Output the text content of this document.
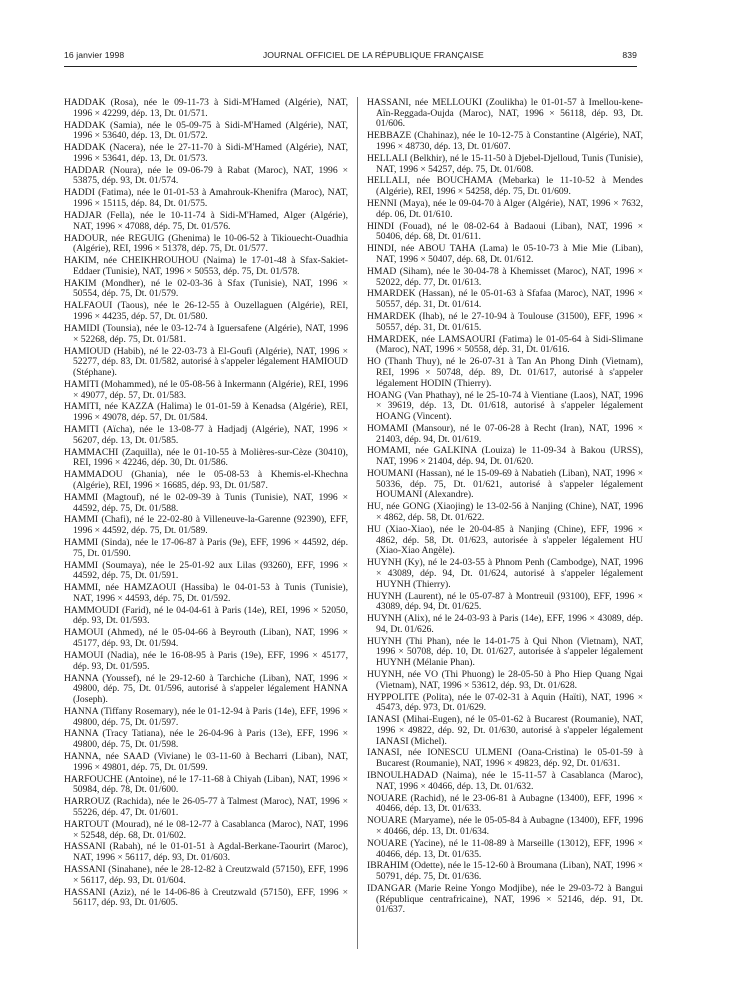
16 janvier 1998	JOURNAL OFFICIEL DE LA RÉPUBLIQUE FRANÇAISE	839

HADDAK (Rosa), née le 09-11-73 à Sidi-M'Hamed (Algérie), NAT, 1996 × 42299, dép. 13, Dt. 01/571.

HADDAK (Samia), née le 05-09-75 à Sidi-M'Hamed (Algérie), NAT, 1996 × 53640, dép. 13, Dt. 01/572.

HADDAK (Nacera), née le 27-11-70 à Sidi-M'Hamed (Algérie), NAT, 1996 × 53641, dép. 13, Dt. 01/573.

HADDAR (Noura), née le 09-06-79 à Rabat (Maroc), NAT, 1996 × 53875, dép. 93, Dt. 01/574.

HADDI (Fatima), née le 01-01-53 à Amahrouk-Khenifra (Maroc), NAT, 1996 × 15115, dép. 84, Dt. 01/575.

HADJAR (Fella), née le 10-11-74 à Sidi-M'Hamed, Alger (Algérie), NAT, 1996 × 47088, dép. 75, Dt. 01/576.

HADOUR, née REGUIG (Ghenima) le 10-06-52 à Tikiouecht-Ouadhia (Algérie), REI, 1996 × 51378, dép. 75, Dt. 01/577.

HAKIM, née CHEIKHROUHOU (Naima) le 17-01-48 à Sfax-Sakiet-Eddaer (Tunisie), NAT, 1996 × 50553, dép. 75, Dt. 01/578.

HAKIM (Mondher), né le 02-03-36 à Sfax (Tunisie), NAT, 1996 × 50554, dép. 75, Dt. 01/579.

HALFAOUI (Taous), née le 26-12-55 à Ouzellaguen (Algérie), REI, 1996 × 44235, dép. 57, Dt. 01/580.

HAMIDI (Tounsia), née le 03-12-74 à Iguersafene (Algérie), NAT, 1996 × 52268, dép. 75, Dt. 01/581.

HAMIOUD (Habib), né le 22-03-73 à El-Goufi (Algérie), NAT, 1996 × 52277, dép. 83, Dt. 01/582, autorisé à s'appeler légalement HAMIOUD (Stéphane).

HAMITI (Mohammed), né le 05-08-56 à Inkermann (Algérie), REI, 1996 × 49077, dép. 57, Dt. 01/583.

HAMITI, née KAZZA (Halima) le 01-01-59 à Kenadsa (Algérie), REI, 1996 × 49078, dép. 57, Dt. 01/584.

HAMITI (Aïcha), née le 13-08-77 à Hadjadj (Algérie), NAT, 1996 × 56207, dép. 13, Dt. 01/585.

HAMMACHI (Zaquilla), née le 01-10-55 à Molières-sur-Cèze (30410), REI, 1996 × 42246, dép. 30, Dt. 01/586.

HAMMADOU (Ghania), née le 05-08-53 à Khemis-el-Khechna (Algérie), REI, 1996 × 16685, dép. 93, Dt. 01/587.

HAMMI (Magtouf), né le 02-09-39 à Tunis (Tunisie), NAT, 1996 × 44592, dép. 75, Dt. 01/588.

HAMMI (Chafi), né le 22-02-80 à Villeneuve-la-Garenne (92390), EFF, 1996 × 44592, dép. 75, Dt. 01/589.

HAMMI (Sinda), née le 17-06-87 à Paris (9e), EFF, 1996 × 44592, dép. 75, Dt. 01/590.

HAMMI (Soumaya), née le 25-01-92 aux Lilas (93260), EFF, 1996 × 44592, dép. 75, Dt. 01/591.

HAMMI, née HAMZAOUI (Hassiba) le 04-01-53 à Tunis (Tunisie), NAT, 1996 × 44593, dép. 75, Dt. 01/592.

HAMMOUDI (Farid), né le 04-04-61 à Paris (14e), REI, 1996 × 52050, dép. 93, Dt. 01/593.

HAMOUI (Ahmed), né le 05-04-66 à Beyrouth (Liban), NAT, 1996 × 45177, dép. 93, Dt. 01/594.

HAMOUI (Nadia), née le 16-08-95 à Paris (19e), EFF, 1996 × 45177, dép. 93, Dt. 01/595.

HANNA (Youssef), né le 29-12-60 à Tarchiche (Liban), NAT, 1996 × 49800, dép. 75, Dt. 01/596, autorisé à s'appeler légalement HANNA (Joseph).

HANNA (Tiffany Rosemary), née le 01-12-94 à Paris (14e), EFF, 1996 × 49800, dép. 75, Dt. 01/597.

HANNA (Tracy Tatiana), née le 26-04-96 à Paris (13e), EFF, 1996 × 49800, dép. 75, Dt. 01/598.

HANNA, née SAAD (Viviane) le 03-11-60 à Becharri (Liban), NAT, 1996 × 49801, dép. 75, Dt. 01/599.

HARFOUCHE (Antoine), né le 17-11-68 à Chiyah (Liban), NAT, 1996 × 50984, dép. 78, Dt. 01/600.

HARROUZ (Rachida), née le 26-05-77 à Talmest (Maroc), NAT, 1996 × 55226, dép. 47, Dt. 01/601.

HARTOUT (Mourad), né le 08-12-77 à Casablanca (Maroc), NAT, 1996 × 52548, dép. 68, Dt. 01/602.

HASSANI (Rabah), né le 01-01-51 à Agdal-Berkane-Taourirt (Maroc), NAT, 1996 × 56117, dép. 93, Dt. 01/603.

HASSANI (Sinahane), née le 28-12-82 à Creutzwald (57150), EFF, 1996 × 56117, dép. 93, Dt. 01/604.

HASSANI (Aziz), né le 14-06-86 à Creutzwald (57150), EFF, 1996 × 56117, dép. 93, Dt. 01/605.

HASSANI, née MELLOUKI (Zoulikha) le 01-01-57 à Imellou-kene-Aïn-Reggada-Oujda (Maroc), NAT, 1996 × 56118, dép. 93, Dt. 01/606.

HEBBAZE (Chahinaz), née le 10-12-75 à Constantine (Algérie), NAT, 1996 × 48730, dép. 13, Dt. 01/607.

HELLALI (Belkhir), né le 15-11-50 à Djebel-Djelloud, Tunis (Tunisie), NAT, 1996 × 54257, dép. 75, Dt. 01/608.

HELLALI, née BOUCHAMA (Mebarka) le 11-10-52 à Mendes (Algérie), REI, 1996 × 54258, dép. 75, Dt. 01/609.

HENNI (Maya), née le 09-04-70 à Alger (Algérie), NAT, 1996 × 7632, dép. 06, Dt. 01/610.

HINDI (Fouad), né le 08-02-64 à Badaoui (Liban), NAT, 1996 × 50406, dép. 68, Dt. 01/611.

HINDI, née ABOU TAHA (Lama) le 05-10-73 à Mie Mie (Liban), NAT, 1996 × 50407, dép. 68, Dt. 01/612.

HMAD (Siham), née le 30-04-78 à Khemisset (Maroc), NAT, 1996 × 52022, dép. 77, Dt. 01/613.

HMARDEK (Hassan), né le 05-01-63 à Sfafaa (Maroc), NAT, 1996 × 50557, dép. 31, Dt. 01/614.

HMARDEK (Ihab), né le 27-10-94 à Toulouse (31500), EFF, 1996 × 50557, dép. 31, Dt. 01/615.

HMARDEK, née LAMSAOURI (Fatima) le 01-05-64 à Sidi-Slimane (Maroc), NAT, 1996 × 50558, dép. 31, Dt. 01/616.

HO (Thanh Thuy), né le 26-07-31 à Tan An Phong Dinh (Vietnam), REI, 1996 × 50748, dép. 89, Dt. 01/617, autorisé à s'appeler légalement HODIN (Thierry).

HOANG (Van Phathay), né le 25-10-74 à Vientiane (Laos), NAT, 1996 × 39619, dép. 13, Dt. 01/618, autorisé à s'appeler légalement HOANG (Vincent).

HOMAMI (Mansour), né le 07-06-28 à Recht (Iran), NAT, 1996 × 21403, dép. 94, Dt. 01/619.

HOMAMI, née GALKINA (Louiza) le 11-09-34 à Bakou (URSS), NAT, 1996 × 21404, dép. 94, Dt. 01/620.

HOUMANI (Hassan), né le 15-09-69 à Nabatieh (Liban), NAT, 1996 × 50336, dép. 75, Dt. 01/621, autorisé à s'appeler légalement HOUMANI (Alexandre).

HU, née GONG (Xiaojing) le 13-02-56 à Nanjing (Chine), NAT, 1996 × 4862, dép. 58, Dt. 01/622.

HU (Xiao-Xiao), née le 20-04-85 à Nanjing (Chine), EFF, 1996 × 4862, dép. 58, Dt. 01/623, autorisée à s'appeler légalement HU (Xiao-Xiao Angèle).

HUYNH (Ky), né le 24-03-55 à Phnom Penh (Cambodge), NAT, 1996 × 43089, dép. 94, Dt. 01/624, autorisé à s'appeler légalement HUYNH (Thierry).

HUYNH (Laurent), né le 05-07-87 à Montreuil (93100), EFF, 1996 × 43089, dép. 94, Dt. 01/625.

HUYNH (Alix), né le 24-03-93 à Paris (14e), EFF, 1996 × 43089, dép. 94, Dt. 01/626.

HUYNH (Thi Phan), née le 14-01-75 à Qui Nhon (Vietnam), NAT, 1996 × 50708, dép. 10, Dt. 01/627, autorisée à s'appeler légalement HUYNH (Mélanie Phan).

HUYNH, née VO (Thi Phuong) le 28-05-50 à Pho Hiep Quang Ngai (Vietnam), NAT, 1996 × 53612, dép. 93, Dt. 01/628.

HYPPOLITE (Polita), née le 07-02-31 à Aquin (Haïti), NAT, 1996 × 45473, dép. 973, Dt. 01/629.

IANASI (Mihai-Eugen), né le 05-01-62 à Bucarest (Roumanie), NAT, 1996 × 49822, dép. 92, Dt. 01/630, autorisé à s'appeler légalement IANASI (Michel).

IANASI, née IONESCU ULMENI (Oana-Cristina) le 05-01-59 à Bucarest (Roumanie), NAT, 1996 × 49823, dép. 92, Dt. 01/631.

IBNOULHADAD (Naima), née le 15-11-57 à Casablanca (Maroc), NAT, 1996 × 40466, dép. 13, Dt. 01/632.

NOUARE (Rachid), né le 23-06-81 à Aubagne (13400), EFF, 1996 × 40466, dép. 13, Dt. 01/633.

NOUARE (Maryame), née le 05-05-84 à Aubagne (13400), EFF, 1996 × 40466, dép. 13, Dt. 01/634.

NOUARE (Yacine), né le 11-08-89 à Marseille (13012), EFF, 1996 × 40466, dép. 13, Dt. 01/635.

IBRAHIM (Odette), née le 15-12-60 à Broumana (Liban), NAT, 1996 × 50791, dép. 75, Dt. 01/636.

IDANGAR (Marie Reine Yongo Modjibe), née le 29-03-72 à Bangui (République centrafricaine), NAT, 1996 × 52146, dép. 91, Dt. 01/637.
